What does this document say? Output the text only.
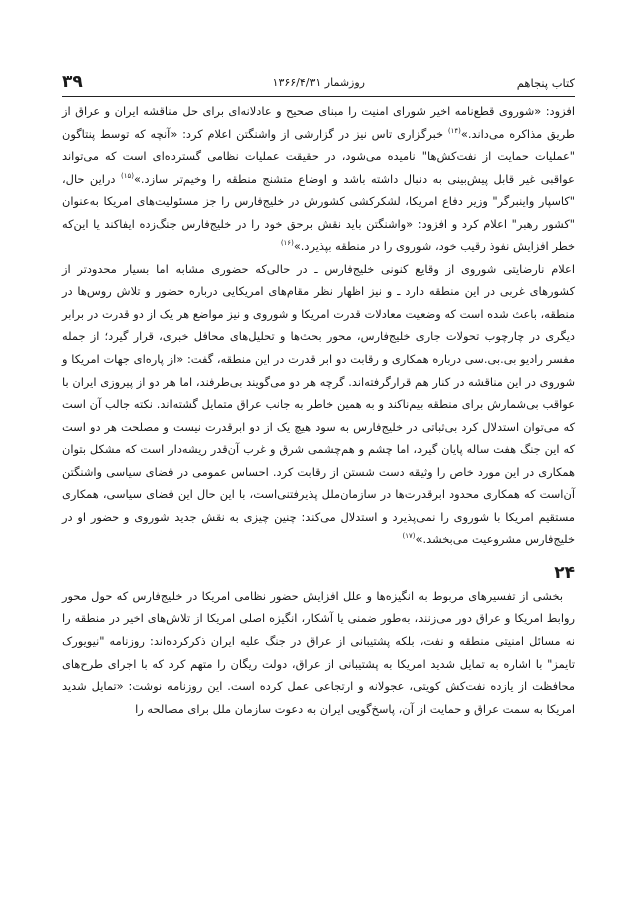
کتاب پنجاهم
روزشمار ۱۳۶۶/۴/۳۱
۳۹

افزود: «شوروی قطع‌نامه اخیر شورای امنیت را مبنای صحیح و عادلانه‌ای برای حل مناقشه ایران و عراق از طریق مذاکره می‌داند.»$^{(۱۴)}$ خبرگزاری تاس نیز در گزارشی از واشنگتن اعلام کرد: «آنچه که توسط پنتاگون "عملیات حمایت از نفت‌کش‌ها" نامیده می‌شود، در حقیقت عملیات نظامی گسترده‌ای است که می‌تواند عواقبی غیر قابل پیش‌بینی به دنبال داشته باشد و اوضاع متشنج منطقه را وخیم‌تر سازد.»$^{(۱۵)}$ دراین حال، "کاسپار واینبرگر" وزیر دفاع امریکا، لشکرکشی کشورش در خلیج‌فارس را جز مسئولیت‌های امریکا به‌عنوان "کشور رهبر" اعلام کرد و افزود: «واشنگتن باید نقش برحق خود را در خلیج‌فارس جنگ‌زده ایفاکند یا این‌که خطر افزایش نفوذ رقیب خود، شوروی را در منطقه بپذیرد.»$^{(۱۶)}$

اعلام نارضایتی شوروی از وقایع کنونی خلیج‌فارس ـ در حالی‌که حضوری مشابه اما بسیار محدودتر از کشورهای غربی در این منطقه دارد ـ و نیز اظهار نظر مقام‌های امریکایی درباره حضور و تلاش روس‌ها در منطقه، باعث شده است که وضعیت معادلات قدرت امریکا و شوروی و نیز مواضع هر یک از دو قدرت در برابر دیگری در چارچوب تحولات جاری خلیج‌فارس، محور بحث‌ها و تحلیل‌های محافل خبری، قرار گیرد؛ از جمله مفسر رادیو بی.بی.سی درباره همکاری و رقابت دو ابر قدرت در این منطقه، گفت: «از پاره‌ای جهات امریکا و شوروی در این مناقشه در کنار هم قرارگرفته‌اند. گرچه هر دو می‌گویند بی‌طرفند، اما هر دو از پیروزی ایران با عواقب بی‌شمارش برای منطقه بیم‌ناکند و به همین خاطر به جانب عراق متمایل گشته‌اند. نکته جالب آن است که می‌توان استدلال کرد بی‌ثباتی در خلیج‌فارس به سود هیچ یک از دو ابرقدرت نیست و مصلحت هر دو است که این جنگ هفت ساله پایان گیرد، اما چشم و هم‌چشمی شرق و غرب آن‌قدر ریشه‌دار است که مشکل بتوان همکاری در این مورد خاص را وثیقه دست شستن از رقابت کرد. احساس عمومی در فضای سیاسی واشنگتن آن‌است که همکاری محدود ابرقدرت‌ها در سازمان‌ملل پذیرفتنی‌است، با این حال این فضای سیاسی، همکاری مستقیم امریکا با شوروی را نمی‌پذیرد و استدلال می‌کند: چنین چیزی به نقش جدید شوروی و حضور او در خلیج‌فارس مشروعیت می‌بخشد.»$^{(۱۷)}$

۲۴

بخشی از تفسیرهای مربوط به انگیزه‌ها و علل افزایش حضور نظامی امریکا در خلیج‌فارس که حول محور روابط امریکا و عراق دور می‌زنند، به‌طور ضمنی یا آشکار، انگیزه اصلی امریکا از تلاش‌های اخیر در منطقه را نه مسائل امنیتی منطقه و نفت، بلکه پشتیبانی از عراق در جنگ علیه ایران ذکرکرده‌اند: روزنامه "نیویورک تایمز" با اشاره به تمایل شدید امریکا به پشتیبانی از عراق، دولت ریگان را متهم کرد که با اجرای طرح‌های محافظت از یازده نفت‌کش کویتی، عجولانه و ارتجاعی عمل کرده است. این روزنامه نوشت: «تمایل شدید امریکا به سمت عراق و حمایت از آن، پاسخ‌گویی ایران به دعوت سازمان ملل برای مصالحه را
